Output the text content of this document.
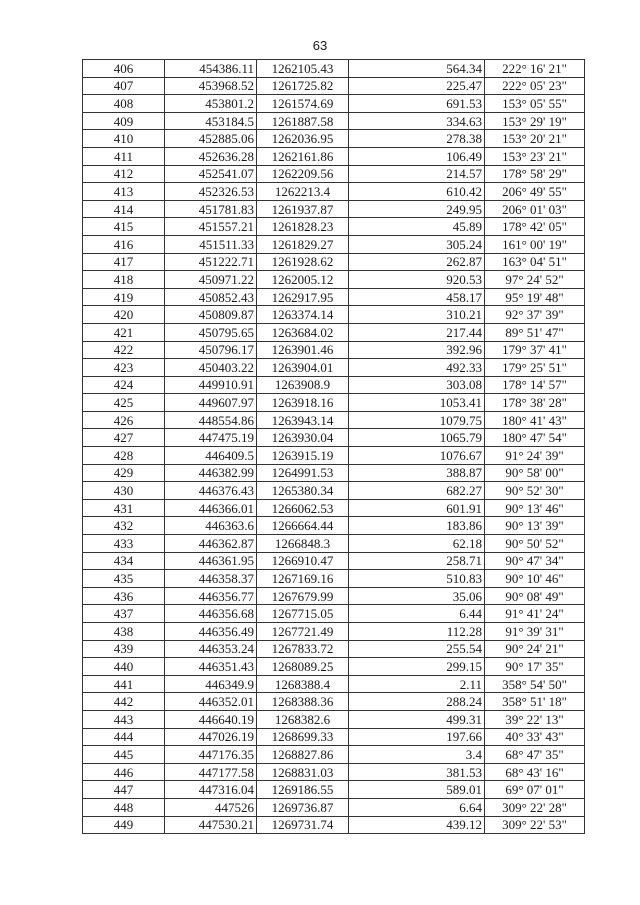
63
406	454386.11	1262105.43	564.34	222° 16' 21"
407	453968.52	1261725.82	225.47	222° 05' 23"
408	453801.2	1261574.69	691.53	153° 05' 55"
409	453184.5	1261887.58	334.63	153° 29' 19"
410	452885.06	1262036.95	278.38	153° 20' 21"
411	452636.28	1262161.86	106.49	153° 23' 21"
412	452541.07	1262209.56	214.57	178° 58' 29"
413	452326.53	1262213.4	610.42	206° 49' 55"
414	451781.83	1261937.87	249.95	206° 01' 03"
415	451557.21	1261828.23	45.89	178° 42' 05"
416	451511.33	1261829.27	305.24	161° 00' 19"
417	451222.71	1261928.62	262.87	163° 04' 51"
418	450971.22	1262005.12	920.53	97° 24' 52"
419	450852.43	1262917.95	458.17	95° 19' 48"
420	450809.87	1263374.14	310.21	92° 37' 39"
421	450795.65	1263684.02	217.44	89° 51' 47"
422	450796.17	1263901.46	392.96	179° 37' 41"
423	450403.22	1263904.01	492.33	179° 25' 51"
424	449910.91	1263908.9	303.08	178° 14' 57"
425	449607.97	1263918.16	1053.41	178° 38' 28"
426	448554.86	1263943.14	1079.75	180° 41' 43"
427	447475.19	1263930.04	1065.79	180° 47' 54"
428	446409.5	1263915.19	1076.67	91° 24' 39"
429	446382.99	1264991.53	388.87	90° 58' 00"
430	446376.43	1265380.34	682.27	90° 52' 30"
431	446366.01	1266062.53	601.91	90° 13' 46"
432	446363.6	1266664.44	183.86	90° 13' 39"
433	446362.87	1266848.3	62.18	90° 50' 52"
434	446361.95	1266910.47	258.71	90° 47' 34"
435	446358.37	1267169.16	510.83	90° 10' 46"
436	446356.77	1267679.99	35.06	90° 08' 49"
437	446356.68	1267715.05	6.44	91° 41' 24"
438	446356.49	1267721.49	112.28	91° 39' 31"
439	446353.24	1267833.72	255.54	90° 24' 21"
440	446351.43	1268089.25	299.15	90° 17' 35"
441	446349.9	1268388.4	2.11	358° 54' 50"
442	446352.01	1268388.36	288.24	358° 51' 18"
443	446640.19	1268382.6	499.31	39° 22' 13"
444	447026.19	1268699.33	197.66	40° 33' 43"
445	447176.35	1268827.86	3.4	68° 47' 35"
446	447177.58	1268831.03	381.53	68° 43' 16"
447	447316.04	1269186.55	589.01	69° 07' 01"
448	447526	1269736.87	6.64	309° 22' 28"
449	447530.21	1269731.74	439.12	309° 22' 53"
